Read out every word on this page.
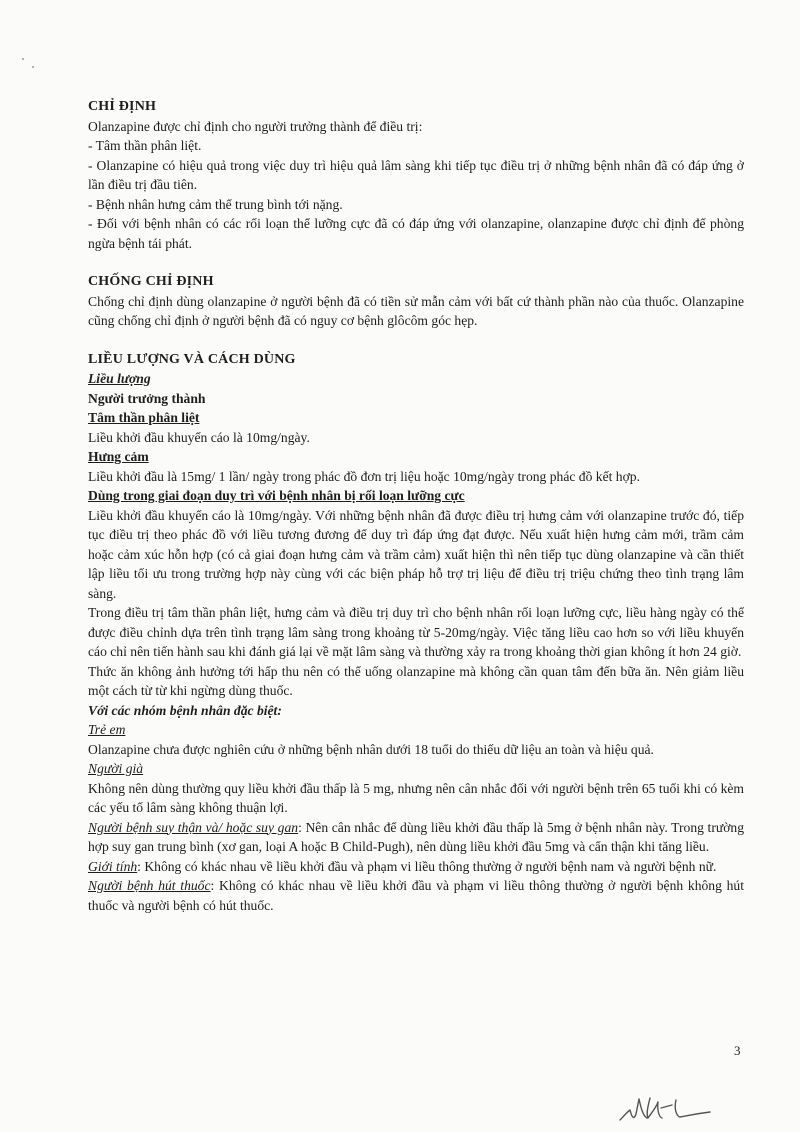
CHỈ ĐỊNH

Olanzapine được chỉ định cho người trưởng thành để điều trị:

- Tâm thần phân liệt.

- Olanzapine có hiệu quả trong việc duy trì hiệu quả lâm sàng khi tiếp tục điều trị ở những bệnh nhân đã có đáp ứng ở lần điều trị đầu tiên.

- Bệnh nhân hưng cảm thể trung bình tới nặng.

- Đối với bệnh nhân có các rối loạn thể lưỡng cực đã có đáp ứng với olanzapine, olanzapine được chỉ định để phòng ngừa bệnh tái phát.

CHỐNG CHỈ ĐỊNH

Chống chỉ định dùng olanzapine ở người bệnh đã có tiền sử mẫn cảm với bất cứ thành phần nào của thuốc. Olanzapine cũng chống chỉ định ở người bệnh đã có nguy cơ bệnh glôcôm góc hẹp.

LIỀU LƯỢNG VÀ CÁCH DÙNG

Liều lượng

Người trưởng thành

Tâm thần phân liệt

Liều khởi đầu khuyến cáo là 10mg/ngày.

Hưng cảm

Liều khởi đầu là 15mg/ 1 lần/ ngày trong phác đồ đơn trị liệu hoặc 10mg/ngày trong phác đồ kết hợp.

Dùng trong giai đoạn duy trì với bệnh nhân bị rối loạn lưỡng cực

Liều khởi đầu khuyến cáo là 10mg/ngày. Với những bệnh nhân đã được điều trị hưng cảm với olanzapine trước đó, tiếp tục điều trị theo phác đồ với liều tương đương để duy trì đáp ứng đạt được. Nếu xuất hiện hưng cảm mới, trầm cảm hoặc cảm xúc hỗn hợp (có cả giai đoạn hưng cảm và trầm cảm) xuất hiện thì nên tiếp tục dùng olanzapine và cần thiết lập liều tối ưu trong trường hợp này cùng với các biện pháp hỗ trợ trị liệu để điều trị triệu chứng theo tình trạng lâm sàng.

Trong điều trị tâm thần phân liệt, hưng cảm và điều trị duy trì cho bệnh nhân rối loạn lưỡng cực, liều hàng ngày có thể được điều chỉnh dựa trên tình trạng lâm sàng trong khoảng từ 5-20mg/ngày. Việc tăng liều cao hơn so với liều khuyến cáo chỉ nên tiến hành sau khi đánh giá lại về mặt lâm sàng và thường xảy ra trong khoảng thời gian không ít hơn 24 giờ.

Thức ăn không ảnh hưởng tới hấp thu nên có thể uống olanzapine mà không cần quan tâm đến bữa ăn. Nên giảm liều một cách từ từ khi ngừng dùng thuốc.

Với các nhóm bệnh nhân đặc biệt:

Trẻ em

Olanzapine chưa được nghiên cứu ở những bệnh nhân dưới 18 tuổi do thiếu dữ liệu an toàn và hiệu quả.

Người già

Không nên dùng thường quy liều khởi đầu thấp là 5 mg, nhưng nên cân nhắc đối với người bệnh trên 65 tuổi khi có kèm các yếu tố lâm sàng không thuận lợi.

Người bệnh suy thận và/ hoặc suy gan: Nên cân nhắc để dùng liều khởi đầu thấp là 5mg ở bệnh nhân này. Trong trường hợp suy gan trung bình (xơ gan, loại A hoặc B Child-Pugh), nên dùng liều khởi đầu 5mg và cẩn thận khi tăng liều.

Giới tính: Không có khác nhau về liều khởi đầu và phạm vi liều thông thường ở người bệnh nam và người bệnh nữ.

Người bệnh hút thuốc: Không có khác nhau về liều khởi đầu và phạm vi liều thông thường ở người bệnh không hút thuốc và người bệnh có hút thuốc.

3
